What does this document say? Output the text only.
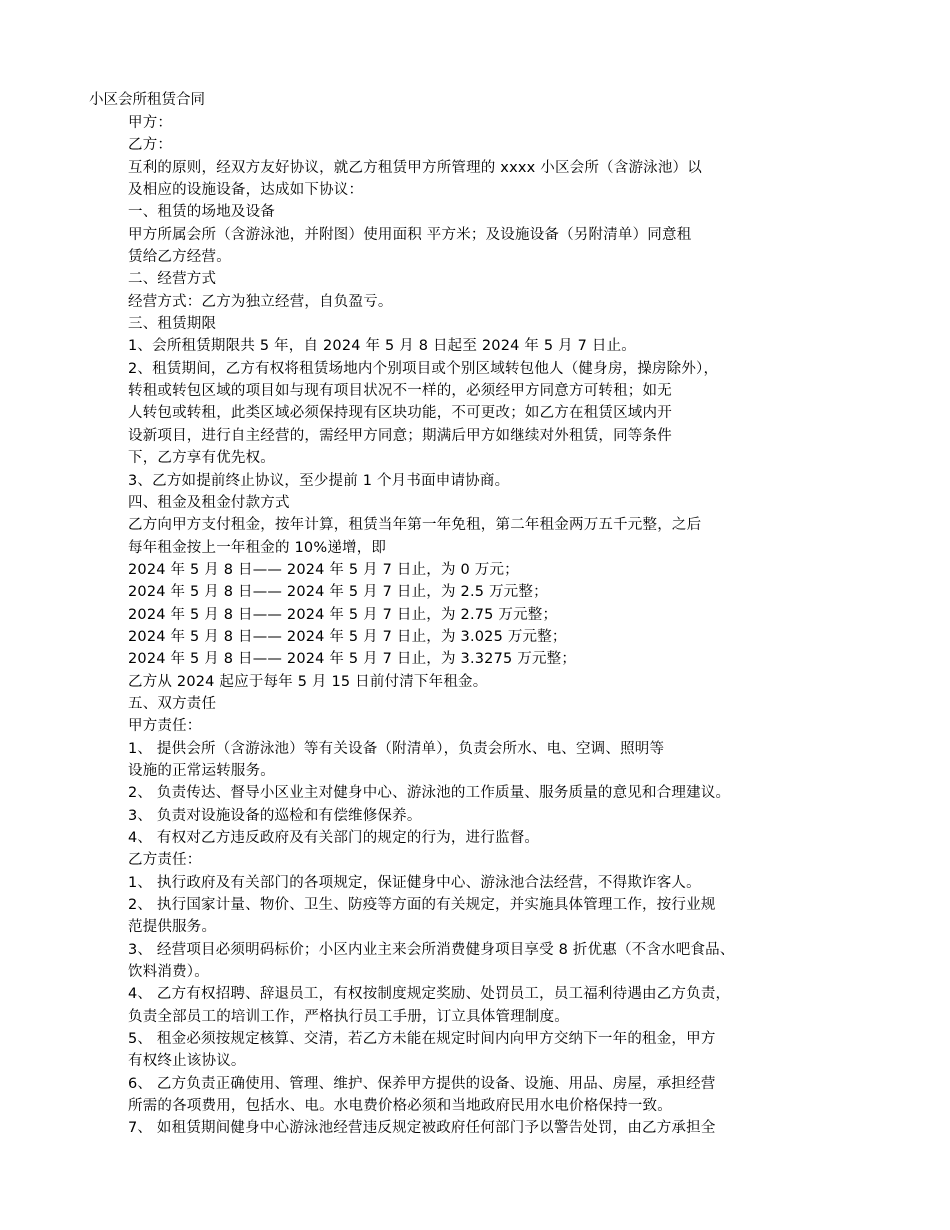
小区会所租赁合同
甲方：
乙方：
互利的原则，经双方友好协议，就乙方租赁甲方所管理的 xxxx 小区会所（含游泳池）以
及相应的设施设备，达成如下协议：
一、租赁的场地及设备
甲方所属会所（含游泳池，并附图）使用面积 平方米；及设施设备（另附清单）同意租
赁给乙方经营。
二、经营方式
经营方式：乙方为独立经营，自负盈亏。
三、租赁期限
1、会所租赁期限共 5 年，自 2024 年 5 月 8 日起至 2024 年 5 月 7 日止。
2、租赁期间，乙方有权将租赁场地内个别项目或个别区域转包他人（健身房，操房除外），
转租或转包区域的项目如与现有项目状况不一样的，必须经甲方同意方可转租；如无
人转包或转租，此类区域必须保持现有区块功能，不可更改；如乙方在租赁区域内开
设新项目，进行自主经营的，需经甲方同意；期满后甲方如继续对外租赁，同等条件
下，乙方享有优先权。
3、乙方如提前终止协议，至少提前 1 个月书面申请协商。
四、租金及租金付款方式
乙方向甲方支付租金，按年计算，租赁当年第一年免租，第二年租金两万五千元整，之后
每年租金按上一年租金的 10%递增，即
2024 年 5 月 8 日—— 2024 年 5 月 7 日止，为 0 万元；
2024 年 5 月 8 日—— 2024 年 5 月 7 日止，为 2.5 万元整；
2024 年 5 月 8 日—— 2024 年 5 月 7 日止，为 2.75 万元整；
2024 年 5 月 8 日—— 2024 年 5 月 7 日止，为 3.025 万元整；
2024 年 5 月 8 日—— 2024 年 5 月 7 日止，为 3.3275 万元整；
乙方从 2024 起应于每年 5 月 15 日前付清下年租金。
五、双方责任
甲方责任：
1、 提供会所（含游泳池）等有关设备（附清单），负责会所水、电、空调、照明等
设施的正常运转服务。
2、 负责传达、督导小区业主对健身中心、游泳池的工作质量、服务质量的意见和合理建议。
3、 负责对设施设备的巡检和有偿维修保养。
4、 有权对乙方违反政府及有关部门的规定的行为，进行监督。
乙方责任：
1、 执行政府及有关部门的各项规定，保证健身中心、游泳池合法经营，不得欺诈客人。
2、 执行国家计量、物价、卫生、防疫等方面的有关规定，并实施具体管理工作，按行业规
范提供服务。
3、 经营项目必须明码标价；小区内业主来会所消费健身项目享受 8 折优惠（不含水吧食品、
饮料消费）。
4、 乙方有权招聘、辞退员工，有权按制度规定奖励、处罚员工，员工福利待遇由乙方负责，
负责全部员工的培训工作，严格执行员工手册，订立具体管理制度。
5、 租金必须按规定核算、交清，若乙方未能在规定时间内向甲方交纳下一年的租金，甲方
有权终止该协议。
6、 乙方负责正确使用、管理、维护、保养甲方提供的设备、设施、用品、房屋，承担经营
所需的各项费用，包括水、电。水电费价格必须和当地政府民用水电价格保持一致。
7、 如租赁期间健身中心游泳池经营违反规定被政府任何部门予以警告处罚，由乙方承担全
